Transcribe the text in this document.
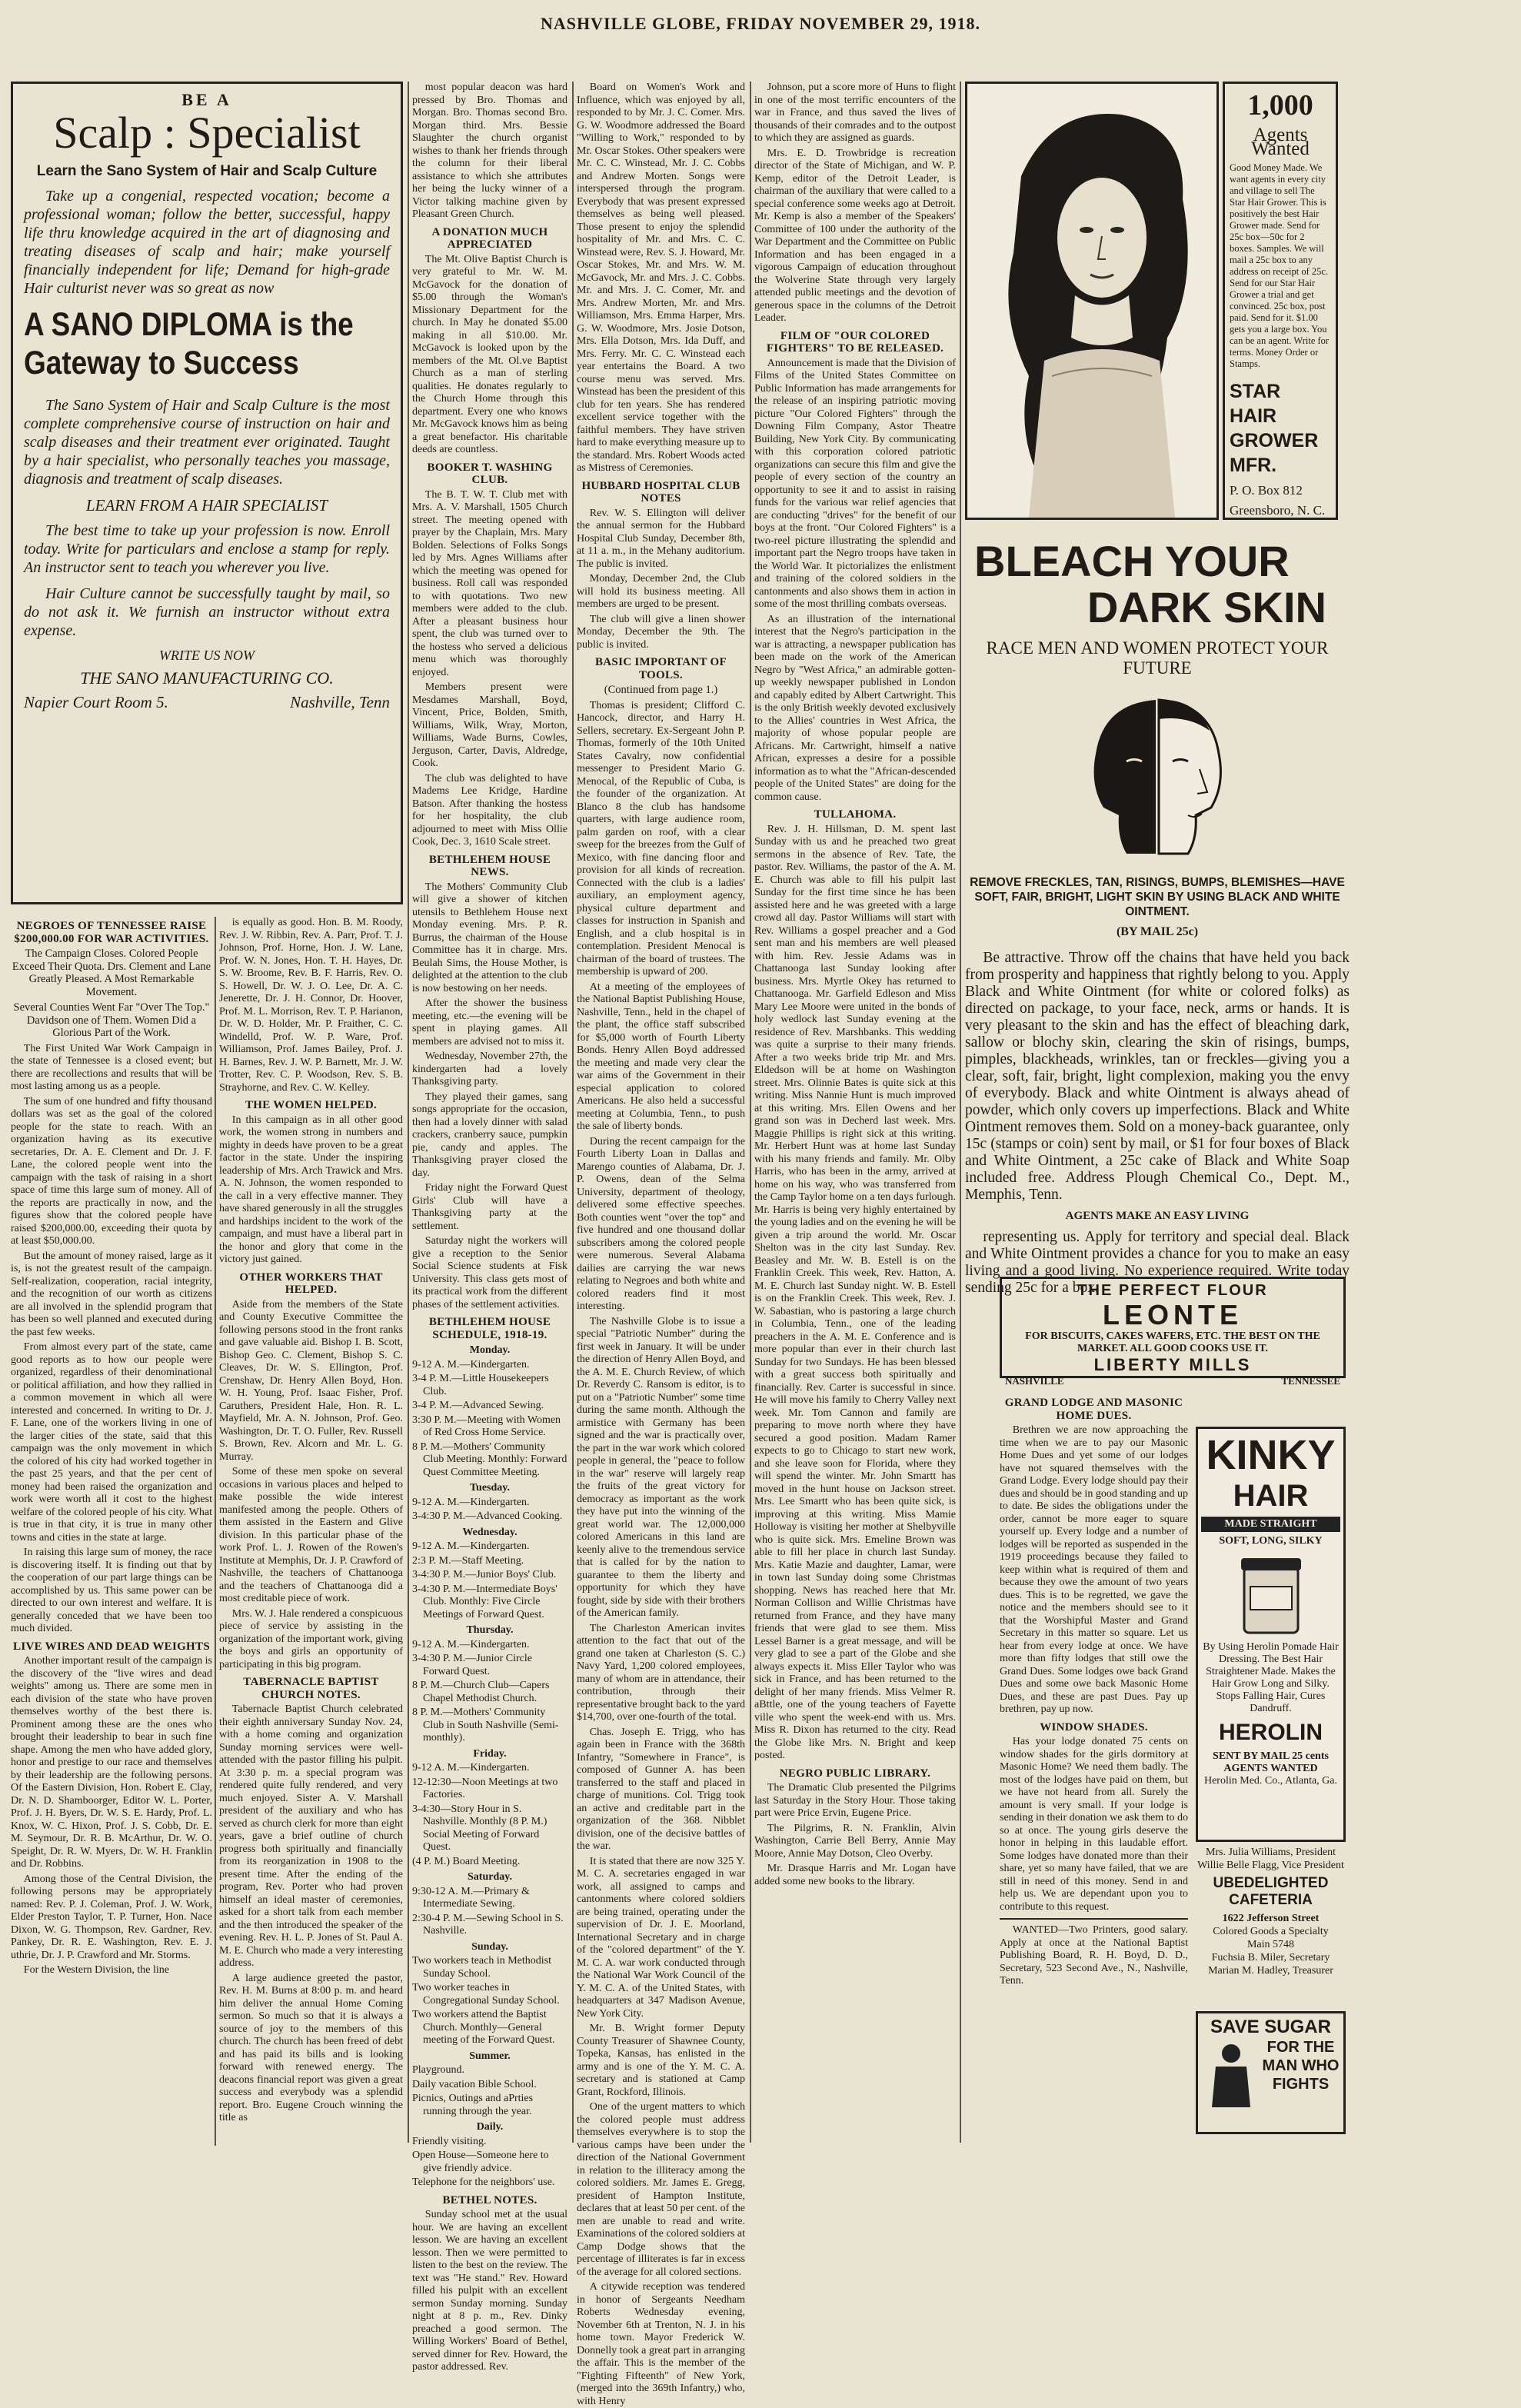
NASHVILLE GLOBE, FRIDAY NOVEMBER 29, 1918.
BE A
Scalp : Specialist
Learn the Sano System of Hair and Scalp Culture
Take up a congenial, respected vocation; become a professional woman; follow the better, successful, happy life thru knowledge acquired in the art of diagnosing and treating diseases of scalp and hair; make yourself financially independent for life; Demand for high-grade Hair culturist never was so great as now
A SANO DIPLOMA is the Gateway to Success
The Sano System of Hair and Scalp Culture is the most complete comprehensive course of instruction on hair and scalp diseases and their treatment ever originated. Taught by a hair specialist, who personally teaches you massage, diagnosis and treatment of scalp diseases.
LEARN FROM A HAIR SPECIALIST
The best time to take up your profession is now. Enroll today. Write for particulars and enclose a stamp for reply. An instructor sent to teach you wherever you live.
Hair Culture cannot be successfully taught by mail, so do not ask it. We furnish an instructor without extra expense.
WRITE US NOW
THE SANO MANUFACTURING CO.
Napier Court Room 5.	Nashville, Tenn
NEGROES OF TENNESSEE RAISE $200,000.00 FOR WAR ACTIVITIES.
The Campaign Closes. Colored People Exceed Their Quota. Drs. Clement and Lane Greatly Pleased. A Most Remarkable Movement.
Several Counties Went Far "Over The Top." Davidson one of Them. Women Did a Glorious Part of the Work.

The First United War Work Campaign in the state of Tennessee is a closed event; but there are recollections and results that will be most lasting among us as a people.

The sum of one hundred and fifty thousand dollars was set as the goal of the colored people for the state to reach. With an organization having as its executive secretaries, Dr. A. E. Clement and Dr. J. F. Lane, the colored people went into the campaign with the task of raising in a short space of time this large sum of money. All of the reports are practically in now, and the figures show that the colored people have raised $200,000.00, exceeding their quota by at least $50,000.00.

But the amount of money raised, large as it is, is not the greatest result of the campaign. Self-realization, cooperation, racial integrity, and the recognition of our worth as citizens are all involved in the splendid program that has been so well planned and executed during the past few weeks.

From almost every part of the state, came good reports as to how our people were organized, regardless of their denominational or political affiliation, and how they rallied in a common movement in which all were interested and concerned. In writing to Dr. J. F. Lane, one of the workers living in one of the larger cities of the state, said that this campaign was the only movement in which the colored of his city had worked together in the past 25 years, and that the per cent of money had been raised the organization and work were worth all it cost to the highest welfare of the colored people of his city. What is true in that city, it is true in many other towns and cities in the state at large.

In raising this large sum of money, the race is discovering itself. It is finding out that by the cooperation of our part large things can be accomplished by us. This same power can be directed to our own interest and welfare. It is generally conceded that we have been too much divided.

LIVE WIRES AND DEAD WEIGHTS

Another important result of the campaign is the discovery of the "live wires and dead weights" among us. There are some men in each division of the state who have proven themselves worthy of the best there is. Prominent among these are the ones who brought their leadership to bear in such fine shape. Among the men who have added glory, honor and prestige to our race and themselves by their leadership are the following persons. Of the Eastern Division, Hon. Robert E. Clay, Dr. N. D. Shamboorger, Editor W. L. Porter, Prof. J. H. Byers, Dr. W. S. E. Hardy, Prof. L. Knox, W. C. Hixon, Prof. J. S. Cobb, Dr. E. M. Seymour, Dr. R. B. McArthur, Dr. W. O. Speight, Dr. R. W. Myers, Dr. W. H. Franklin and Dr. Robbins.

Among those of the Central Division, the following persons may be appropriately named: Rev. P. J. Coleman, Prof. J. W. Work, Elder Preston Taylor, T. P. Turner, Hon. Nace Dixon, W. G. Thompson, Rev. Gardner, Rev. Pankey, Dr. R. E. Washington, Rev. E. J. uthrie, Dr. J. P. Crawford and Mr. Storms.

For the Western Division, the line

most popular deacon was hard pressed by Bro. Thomas and Morgan. Bro. Thomas second Bro. Morgan third. Mrs. Bessie Slaughter the church organist wishes to thank her friends through the column for their liberal assistance to which she attributes her being the lucky winner of a Victor talking machine given by Pleasant Green Church.

A DONATION MUCH APPRECIATED

The Mt. Olive Baptist Church is very grateful to Mr. W. M. McGavock for the donation of $5.00 through the Woman's Missionary Department for the church. In May he donated $5.00 making in all $10.00. Mr. McGavock is looked upon by the members of the Mt. Ol.ve Baptist Church as a man of sterling qualities. He donates regularly to the Church Home through this department. Every one who knows Mr. McGavock knows him as being a great benefactor. His charitable deeds are countless.

BOOKER T. WASHING CLUB.

The B. T. W. T. Club met with Mrs. A. V. Marshall, 1505 Church street. The meeting opened with prayer by the Chaplain, Mrs. Mary Bolden. Selections of Folks Songs led by Mrs. Agnes Williams after which the meeting was opened for business. Roll call was responded to with quotations. Two new members were added to the club. After a pleasant business hour spent, the club was turned over to the hostess who served a delicious menu which was thoroughly enjoyed.

Members present were Mesdames Marshall, Boyd, Vincent, Price, Bolden, Smith, Williams, Wilk, Wray, Morton, Williams, Wade Burns, Cowles, Jerguson, Carter, Davis, Aldredge, Cook.

The club was delighted to have Madems Lee Kridge, Hardine Batson. After thanking the hostess for her hospitality, the club adjourned to meet with Miss Ollie Cook, Dec. 3, 1610 Scale street.

BETHLEHEM HOUSE NEWS.

The Mothers' Community Club will give a shower of kitchen utensils to Bethlehem House next Monday evening. Mrs. P. R. Burrus, the chairman of the House Committee has it in charge. Mrs. Beulah Sims, the House Mother, is delighted at the attention to the club is now bestowing on her needs.

After the shower the business meeting, etc.—the evening will be spent in playing games. All members are advised not to miss it.

Wednesday, November 27th, the kindergarten had a lovely Thanksgiving party.

They played their games, sang songs appropriate for the occasion, then had a lovely dinner with salad crackers, cranberry sauce, pumpkin pie, candy and apples. The Thanksgiving prayer closed the day.

Friday night the Forward Quest Girls' Club will have a Thanksgiving party at the settlement.

Saturday night the workers will give a reception to the Senior Social Science students at Fisk University. This class gets most of its practical work from the different phases of the settlement activities.

BETHLEHEM HOUSE SCHEDULE, 1918-19.
Monday.
9-12 A. M.—Kindergarten.
3-4 P. M.—Little Housekeepers Club.
3-4 P. M.—Advanced Sewing.
3:30 P. M.—Meeting with Women of Red Cross Home Service.
8 P. M.—Mothers' Community Club Meeting. Monthly: Forward Quest Committee Meeting.
Tuesday.
9-12 A. M.—Kindergarten.
3-4:30 P. M.—Advanced Cooking.
Wednesday.
9-12 A. M.—Kindergarten.
2:3 P. M.—Staff Meeting.
3-4:30 P. M.—Junior Boys' Club.
3-4:30 P. M.—Intermediate Boys' Club. Monthly: Five Circle Meetings of Forward Quest.
Thursday.
9-12 A. M.—Kindergarten.
3-4:30 P. M.—Junior Circle Forward Quest.
8 P. M.—Church Club—Capers Chapel Methodist Church.
8 P. M.—Mothers' Community Club in South Nashville (Semi-monthly).
Friday.
9-12 A. M.—Kindergarten.
12-12:30—Noon Meetings at two Factories.
3-4:30—Story Hour in S. Nashville. Monthly (8 P. M.) Social Meeting of Forward Quest.
(4 P. M.) Board Meeting.
Saturday.
9:30-12 A. M.—Primary & Intermediate Sewing.
2:30-4 P. M.—Sewing School in S. Nashville.
Sunday.
Two workers teach in Methodist Sunday School.
Two worker teaches in Congregational Sunday School.
Two workers attend the Baptist Church. Monthly—General meeting of the Forward Quest.
Summer.
Playground.
Daily vacation Bible School.
Picnics, Outings and aPrties running through the year.
Daily.
Friendly visiting.
Open House—Someone here to give friendly advice.
Telephone for the neighbors' use.
BETHEL NOTES.

Sunday school met at the usual hour. We are having an excellent lesson. We are having an excellent lesson. Then we were permitted to listen to the best on the review. The text was "He stand." Rev. Howard filled his pulpit with an excellent sermon Sunday morning. Sunday night at 8 p. m., Rev. Dinky preached a good sermon. The Willing Workers' Board of Bethel, served dinner for Rev. Howard, the pastor addressed. Rev.

Board on Women's Work and Influence, which was enjoyed by all, responded to by Mr. J. C. Comer. Mrs. G. W. Woodmore addressed the Board "Willing to Work," responded to by Mr. Oscar Stokes. Other speakers were Mr. C. C. Winstead, Mr. J. C. Cobbs and Andrew Morten. Songs were interspersed through the program. Everybody that was present expressed themselves as being well pleased. Those present to enjoy the splendid hospitality of Mr. and Mrs. C. C. Winstead were, Rev. S. J. Howard, Mr. Oscar Stokes, Mr. and Mrs. W. M. McGavock, Mr. and Mrs. J. C. Cobbs. Mr. and Mrs. J. C. Comer, Mr. and Mrs. Andrew Morten, Mr. and Mrs. Williamson, Mrs. Emma Harper, Mrs. G. W. Woodmore, Mrs. Josie Dotson, Mrs. Ella Dotson, Mrs. Ida Duff, and Mrs. Ferry. Mr. C. C. Winstead each year entertains the Board. A two course menu was served. Mrs. Winstead has been the president of this club for ten years. She has rendered excellent service together with the faithful members. They have striven hard to make everything measure up to the standard. Mrs. Robert Woods acted as Mistress of Ceremonies.

HUBBARD HOSPITAL CLUB NOTES

Rev. W. S. Ellington will deliver the annual sermon for the Hubbard Hospital Club Sunday, December 8th, at 11 a. m., in the Mehany auditorium. The public is invited.

Monday, December 2nd, the Club will hold its business meeting. All members are urged to be present.

The club will give a linen shower Monday, December the 9th. The public is invited.

BASIC IMPORTANT OF TOOLS.
(Continued from page 1.)

Thomas is president; Clifford C. Hancock, director, and Harry H. Sellers, secretary. Ex-Sergeant John P. Thomas, formerly of the 10th United States Cavalry, now confidential messenger to President Mario G. Menocal, of the Republic of Cuba, is the founder of the organization. At Blanco 8 the club has handsome quarters, with large audience room, palm garden on roof, with a clear sweep for the breezes from the Gulf of Mexico, with fine dancing floor and provision for all kinds of recreation. Connected with the club is a ladies' auxiliary, an employment agency, physical culture department and classes for instruction in Spanish and English, and a club hospital is in contemplation. President Menocal is chairman of the board of trustees. The membership is upward of 200.

At a meeting of the employees of the National Baptist Publishing House, Nashville, Tenn., held in the chapel of the plant, the office staff subscribed for $5,000 worth of Fourth Liberty Bonds. Henry Allen Boyd addressed the meeting and made very clear the war aims of the Government in their especial application to colored Americans. He also held a successful meeting at Columbia, Tenn., to push the sale of liberty bonds.

During the recent campaign for the Fourth Liberty Loan in Dallas and Marengo counties of Alabama, Dr. J. P. Owens, dean of the Selma University, department of theology, delivered some effective speeches. Both counties went "over the top" and five hundred and one thousand dollar subscribers among the colored people were numerous. Several Alabama dailies are carrying the war news relating to Negroes and both white and colored readers find it most interesting.

The Nashville Globe is to issue a special "Patriotic Number" during the first week in January. It will be under the direction of Henry Allen Boyd, and the A. M. E. Church Review, of which Dr. Reverdy C. Ransom is editor, is to put on a "Patriotic Number" some time during the same month. Although the armistice with Germany has been signed and the war is practically over, the part in the war work which colored people in general, the "peace to follow in the war" reserve will largely reap the fruits of the great victory for democracy as important as the work they have put into the winning of the great world war. The 12,000,000 colored Americans in this land are keenly alive to the tremendous service that is called for by the nation to guarantee to them the liberty and opportunity for which they have fought, side by side with their brothers of the American family.

The Charleston American invites attention to the fact that out of the grand one taken at Charleston (S. C.) Navy Yard, 1,200 colored employees, many of whom are in attendance, their contribution, through their representative brought back to the yard $14,700, over one-fourth of the total.

Chas. Joseph E. Trigg, who has again been in France with the 368th Infantry, "Somewhere in France", is composed of Gunner A. has been transferred to the staff and placed in charge of munitions. Col. Trigg took an active and creditable part in the organization of the 368. Nibblet division, one of the decisive battles of the war.

It is stated that there are now 325 Y. M. C. A. secretaries engaged in war work, all assigned to camps and cantonments where colored soldiers are being trained, operating under the supervision of Dr. J. E. Moorland, International Secretary and in charge of the "colored department" of the Y. M. C. A. war work conducted through the National War Work Council of the Y. M. C. A. of the United States, with headquarters at 347 Madison Avenue, New York City.

Mr. B. Wright former Deputy County Treasurer of Shawnee County, Topeka, Kansas, has enlisted in the army and is one of the Y. M. C. A. secretary and is stationed at Camp Grant, Rockford, Illinois.

One of the urgent matters to which the colored people must address themselves everywhere is to stop the various camps have been under the direction of the National Government in relation to the illiteracy among the colored soldiers. Mr. James E. Gregg, president of Hampton Institute, declares that at least 50 per cent. of the men are unable to read and write. Examinations of the colored soldiers at Camp Dodge shows that the percentage of illiterates is far in excess of the average for all colored sections.

A citywide reception was tendered in honor of Sergeants Needham Roberts Wednesday evening, November 6th at Trenton, N. J. in his home town. Mayor Frederick W. Donnelly took a great part in arranging the affair. This is the member of the "Fighting Fifteenth" of New York, (merged into the 369th Infantry,) who, with Henry

Johnson, put a score more of Huns to flight in one of the most terrific encounters of the war in France, and thus saved the lives of thousands of their comrades and to the outpost to which they are assigned as guards.

Mrs. E. D. Trowbridge is recreation director of the State of Michigan, and W. P. Kemp, editor of the Detroit Leader, is chairman of the auxiliary that were called to a special conference some weeks ago at Detroit. Mr. Kemp is also a member of the Speakers' Committee of 100 under the authority of the War Department and the Committee on Public Information and has been engaged in a vigorous Campaign of education throughout the Wolverine State through very largely attended public meetings and the devotion of generous space in the columns of the Detroit Leader.

FILM OF "OUR COLORED FIGHTERS" TO BE RELEASED.

Announcement is made that the Division of Films of the United States Committee on Public Information has made arrangements for the release of an inspiring patriotic moving picture "Our Colored Fighters" through the Downing Film Company, Astor Theatre Building, New York City. By communicating with this corporation colored patriotic organizations can secure this film and give the people of every section of the country an opportunity to see it and to assist in raising funds for the various war relief agencies that are conducting "drives" for the benefit of our boys at the front. "Our Colored Fighters" is a two-reel picture illustrating the splendid and important part the Negro troops have taken in the World War. It pictorializes the enlistment and training of the colored soldiers in the cantonments and also shows them in action in some of the most thrilling combats overseas.

As an illustration of the international interest that the Negro's participation in the war is attracting, a newspaper publication has been made on the work of the American Negro by "West Africa," an admirable gotten-up weekly newspaper published in London and capably edited by Albert Cartwright. This is the only British weekly devoted exclusively to the Allies' countries in West Africa, the majority of whose popular people are Africans. Mr. Cartwright, himself a native African, expresses a desire for a possible information as to what the "African-descended people of the United States" are doing for the common cause.

TULLAHOMA.

Rev. J. H. Hillsman, D. M. spent last Sunday with us and he preached two great sermons in the absence of Rev. Tate, the pastor. Rev. Williams, the pastor of the A. M. E. Church was able to fill his pulpit last Sunday for the first time since he has been assisted here and he was greeted with a large crowd all day. Pastor Williams will start with Rev. Williams a gospel preacher and a God sent man and his members are well pleased with him. Rev. Jessie Adams was in Chattanooga last Sunday looking after business. Mrs. Myrtle Okey has returned to Chattanooga. Mr. Garfield Edleson and Miss Mary Lee Moore were united in the bonds of holy wedlock last Sunday evening at the residence of Rev. Marshbanks. This wedding was quite a surprise to their many friends. After a two weeks bride trip Mr. and Mrs. Eldedson will be at home on Washington street. Mrs. Olinnie Bates is quite sick at this writing. Miss Nannie Hunt is much improved at this writing. Mrs. Ellen Owens and her grand son was in Decherd last week. Mrs. Maggie Phillips is right sick at this writing. Mr. Herbert Hunt was at home last Sunday with his many friends and family. Mr. Olby Harris, who has been in the army, arrived at home on his way, who was transferred from the Camp Taylor home on a ten days furlough. Mr. Harris is being very highly entertained by the young ladies and on the evening he will be given a trip around the world. Mr. Oscar Shelton was in the city last Sunday. Rev. Beasley and Mr. W. B. Estell is on the Franklin Creek. This week, Rev. Hatton, A. M. E. Church last Sunday night. W. B. Estell is on the Franklin Creek. This week, Rev. J. W. Sabastian, who is pastoring a large church in Columbia, Tenn., one of the leading preachers in the A. M. E. Conference and is more popular than ever in their church last Sunday for two Sundays. He has been blessed with a great success both spiritually and financially. Rev. Carter is successful in since. He will move his family to Cherry Valley next week. Mr. Tom Cannon and family are preparing to move north where they have secured a good position. Madam Ramer expects to go to Chicago to start new work, and she leave soon for Florida, where they will spend the winter. Mr. John Smartt has moved in the hunt house on Jackson street. Mrs. Lee Smartt who has been quite sick, is improving at this writing. Miss Mamie Holloway is visiting her mother at Shelbyville who is quite sick. Mrs. Emeline Brown was able to fill her place in church last Sunday. Mrs. Katie Mazie and daughter, Lamar, were in town last Sunday doing some Christmas shopping. News has reached here that Mr. Norman Collison and Willie Christmas have returned from France, and they have many friends that were glad to see them. Miss Lessel Barner is a great message, and will be very glad to see a part of the Globe and she always expects it. Miss Eller Taylor who was sick in France, and has been returned to the delight of her many friends. Miss Velmer R. aBttle, one of the young teachers of Fayette ville who spent the week-end with us. Mrs. Miss R. Dixon has returned to the city. Read the Globe like Mrs. N. Bright and keep posted.

NEGRO PUBLIC LIBRARY.

The Dramatic Club presented the Pilgrims last Saturday in the Story Hour. Those taking part were Price Ervin, Eugene Price.

The Pilgrims, R. N. Franklin, Alvin Washington, Carrie Bell Berry, Annie May Moore, Annie May Dotson, Cleo Overby.

Mr. Drasque Harris and Mr. Logan have added some new books to the library.

1,000
Agents Wanted
Good Money Made. We want agents in every city and village to sell The Star Hair Grower. This is positively the best Hair Grower made. Send for 25c box—50c for 2 boxes. Samples. We will mail a 25c box to any address on receipt of 25c. Send for our Star Hair Grower a trial and get convinced. 25c box, post paid. Send for it. $1.00 gets you a large box. You can be an agent. Write for terms. Money Order or Stamps.
STAR HAIR GROWER MFR.
P. O. Box 812
Greensboro, N. C.
BLEACH YOUR
DARK SKIN
RACE MEN AND WOMEN PROTECT YOUR FUTURE
REMOVE FRECKLES, TAN, RISINGS, BUMPS, BLEMISHES—HAVE SOFT, FAIR, BRIGHT, LIGHT SKIN BY USING BLACK AND WHITE OINTMENT.
(BY MAIL 25c)

Be attractive. Throw off the chains that have held you back from prosperity and happiness that rightly belong to you. Apply Black and White Ointment (for white or colored folks) as directed on package, to your face, neck, arms or hands. It is very pleasant to the skin and has the effect of bleaching dark, sallow or blochy skin, clearing the skin of risings, bumps, pimples, blackheads, wrinkles, tan or freckles—giving you a clear, soft, fair, bright, light complexion, making you the envy of everybody. Black and white Ointment is always ahead of powder, which only covers up imperfections. Black and White Ointment removes them. Sold on a money-back guarantee, only 15c (stamps or coin) sent by mail, or $1 for four boxes of Black and White Ointment, a 25c cake of Black and White Soap included free. Address Plough Chemical Co., Dept. M., Memphis, Tenn.

AGENTS MAKE AN EASY LIVING

representing us. Apply for territory and special deal. Black and White Ointment provides a chance for you to make an easy living and a good living. No experience required. Write today sending 25c for a box.

THE PERFECT FLOUR
LEONTE
FOR BISCUITS, CAKES WAFERS, ETC. THE BEST ON THE MARKET. ALL GOOD COOKS USE IT.
LIBERTY MILLS
NASHVILLE	TENNESSEE
GRAND LODGE AND MASONIC HOME DUES.

Brethren we are now approaching the time when we are to pay our Masonic Home Dues and yet some of our lodges have not squared themselves with the Grand Lodge. Every lodge should pay their dues and should be in good standing and up to date. Be sides the obligations under the order, cannot be more eager to square yourself up. Every lodge and a number of lodges will be reported as suspended in the 1919 proceedings because they failed to keep within what is required of them and because they owe the amount of two years dues. This is to be regretted, we gave the notice and the members should see to it that the Worshipful Master and Grand Secretary in this matter so square. Let us hear from every lodge at once. We have more than fifty lodges that still owe the Grand Dues. Some lodges owe back Grand Dues and some owe back Masonic Home Dues, and these are past Dues. Pay up brethren, pay up now.

WINDOW SHADES.

Has your lodge donated 75 cents on window shades for the girls dormitory at Masonic Home? We need them badly. The most of the lodges have paid on them, but we have not heard from all. Surely the amount is very small. If your lodge is sending in their donation we ask them to do so at once. The young girls deserve the honor in helping in this laudable effort. Some lodges have donated more than their share, yet so many have failed, that we are still in need of this money. Send in and help us. We are dependant upon you to contribute to this request.

WANTED—Two Printers, good salary. Apply at once at the National Baptist Publishing Board, R. H. Boyd, D. D., Secretary, 523 Second Ave., N., Nashville, Tenn.

KINKY
HAIR
MADE STRAIGHT
SOFT, LONG, SILKY
By Using Herolin Pomade Hair Dressing. The Best Hair Straightener Made. Makes the Hair Grow Long and Silky. Stops Falling Hair, Cures Dandruff.
HEROLIN
SENT BY MAIL 25 cents
AGENTS WANTED
Herolin Med. Co., Atlanta, Ga.
Mrs. Julia Williams, President
Willie Belle Flagg, Vice President
UBEDELIGHTED CAFETERIA
1622 Jefferson Street
Colored Goods a Specialty
Main 5748
Fuchsia B. Miler, Secretary
Marian M. Hadley, Treasurer
SAVE SUGAR
FOR THE MAN WHO FIGHTS

is equally as good. Hon. B. M. Roody, Rev. J. W. Ribbin, Rev. A. Parr, Prof. T. J. Johnson, Prof. Horne, Hon. J. W. Lane, Prof. W. N. Jones, Hon. T. H. Hayes, Dr. S. W. Broome, Rev. B. F. Harris, Rev. O. S. Howell, Dr. W. J. O. Lee, Dr. A. C. Jenerette, Dr. J. H. Connor, Dr. Hoover, Prof. M. L. Morrison, Rev. T. P. Harianon, Dr. W. D. Holder, Mr. P. Fraither, C. C. Windelld, Prof. W. P. Ware, Prof. Williamson, Prof. James Bailey, Prof. J. H. Barnes, Rev. J. W. P. Barnett, Mr. J. W. Trotter, Rev. C. P. Woodson, Rev. S. B. Strayhorne, and Rev. C. W. Kelley.

THE WOMEN HELPED.

In this campaign as in all other good work, the women strong in numbers and mighty in deeds have proven to be a great factor in the state. Under the inspiring leadership of Mrs. Arch Trawick and Mrs. A. N. Johnson, the women responded to the call in a very effective manner. They have shared generously in all the struggles and hardships incident to the work of the campaign, and must have a liberal part in the honor and glory that come in the victory just gained.

OTHER WORKERS THAT HELPED.

Aside from the members of the State and County Executive Committee the following persons stood in the front ranks and gave valuable aid. Bishop I. B. Scott, Bishop Geo. C. Clement, Bishop S. C. Cleaves, Dr. W. S. Ellington, Prof. Crenshaw, Dr. Henry Allen Boyd, Hon. W. H. Young, Prof. Isaac Fisher, Prof. Caruthers, President Hale, Hon. R. L. Mayfield, Mr. A. N. Johnson, Prof. Geo. Washington, Dr. T. O. Fuller, Rev. Russell S. Brown, Rev. Alcorn and Mr. L. G. Murray.

Some of these men spoke on several occasions in various places and helped to make possible the wide interest manifested among the people. Others of them assisted in the Eastern and Glive division. In this particular phase of the work Prof. L. J. Rowen of the Rowen's Institute at Memphis, Dr. J. P. Crawford of Nashville, the teachers of Chattanooga and the teachers of Chattanooga did a most creditable piece of work.

Mrs. W. J. Hale rendered a conspicuous piece of service by assisting in the organization of the important work, giving the boys and girls an opportunity of participating in this big program.

TABERNACLE BAPTIST CHURCH NOTES.

Tabernacle Baptist Church celebrated their eighth anniversary Sunday Nov. 24, with a home coming and organization Sunday morning services were well-attended with the pastor filling his pulpit. At 3:30 p. m. a special program was rendered quite fully rendered, and very much enjoyed. Sister A. V. Marshall president of the auxiliary and who has served as church clerk for more than eight years, gave a brief outline of church progress both spiritually and financially from its reorganization in 1908 to the present time. After the ending of the program, Rev. Porter who had proven himself an ideal master of ceremonies, asked for a short talk from each member and the then introduced the speaker of the evening. Rev. H. L. P. Jones of St. Paul A. M. E. Church who made a very interesting address.

A large audience greeted the pastor, Rev. H. M. Burns at 8:00 p. m. and heard him deliver the annual Home Coming sermon. So much so that it is always a source of joy to the members of this church. The church has been freed of debt and has paid its bills and is looking forward with renewed energy. The deacons financial report was given a great success and everybody was a splendid report. Bro. Eugene Crouch winning the title as
